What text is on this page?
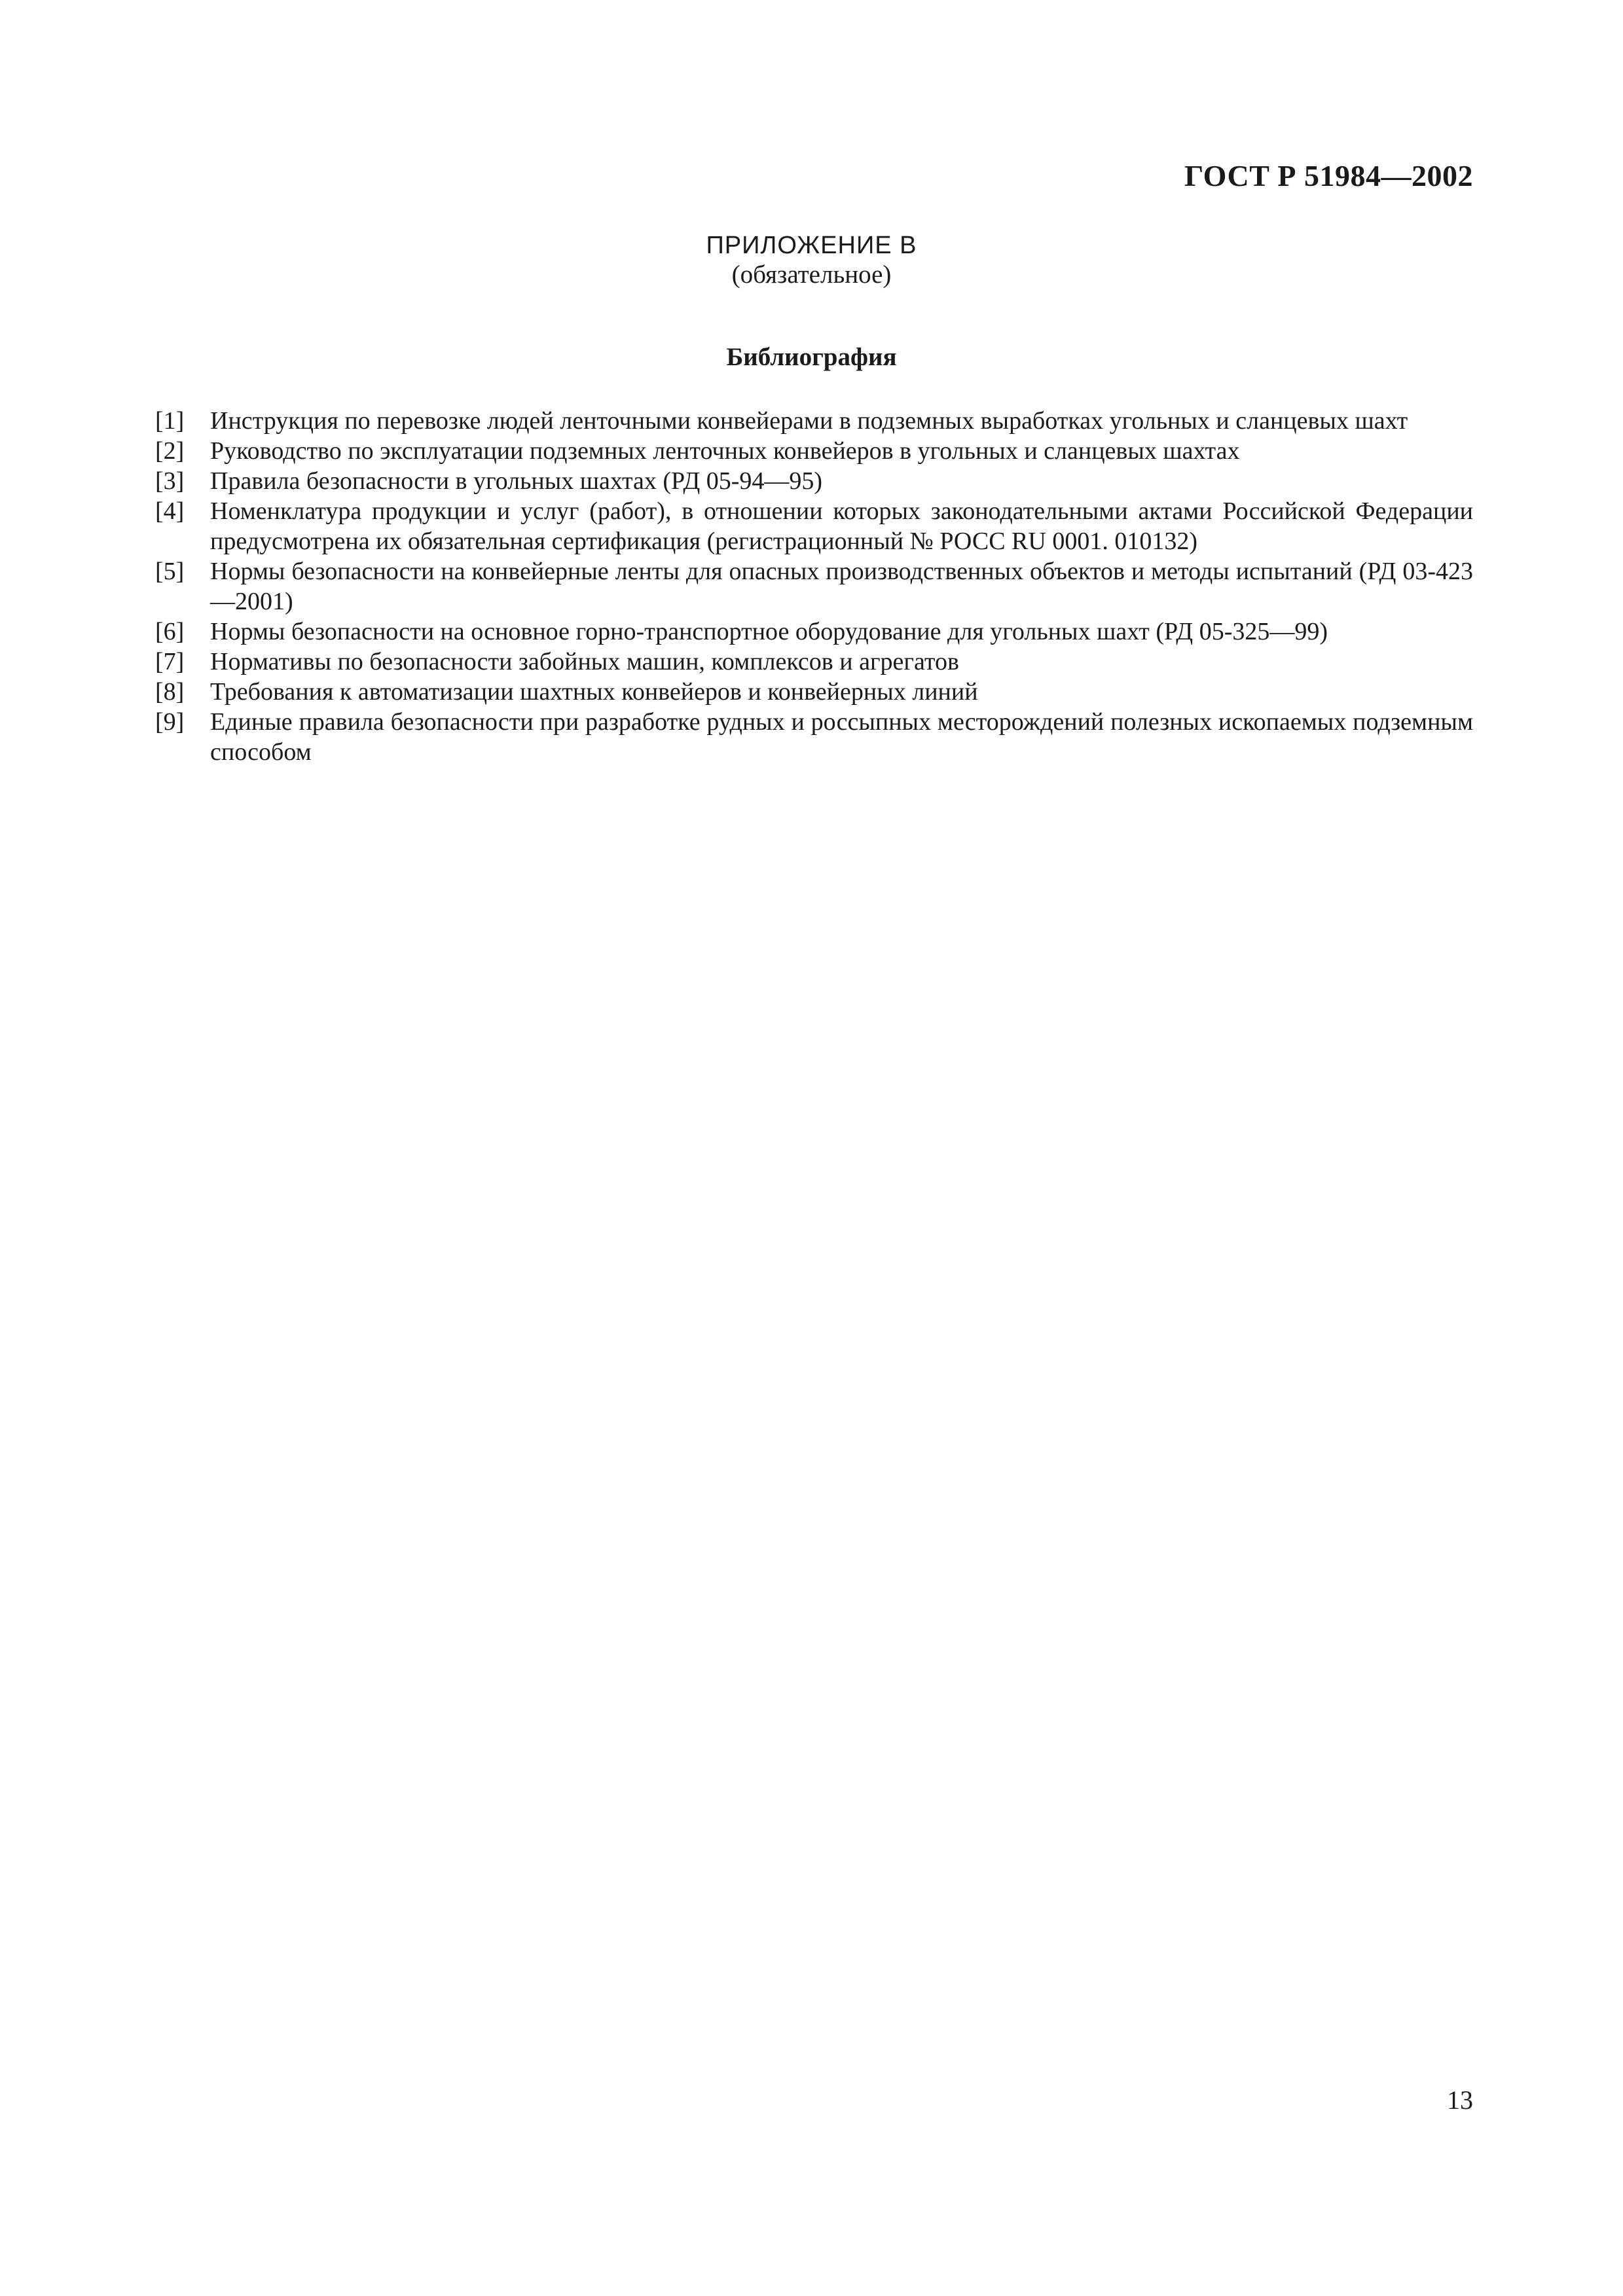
ГОСТ Р 51984—2002
ПРИЛОЖЕНИЕ В
(обязательное)
Библиография
[1] Инструкция по перевозке людей ленточными конвейерами в подземных выработках угольных и сланцевых шахт
[2] Руководство по эксплуатации подземных ленточных конвейеров в угольных и сланцевых шахтах
[3] Правила безопасности в угольных шахтах (РД 05-94—95)
[4] Номенклатура продукции и услуг (работ), в отношении которых законодательными актами Российской Федерации предусмотрена их обязательная сертификация (регистрационный № РОСС RU 0001. 010132)
[5] Нормы безопасности на конвейерные ленты для опасных производственных объектов и методы испытаний (РД 03-423—2001)
[6] Нормы безопасности на основное горно-транспортное оборудование для угольных шахт (РД 05-325—99)
[7] Нормативы по безопасности забойных машин, комплексов и агрегатов
[8] Требования к автоматизации шахтных конвейеров и конвейерных линий
[9] Единые правила безопасности при разработке рудных и россыпных месторождений полезных ископаемых подземным способом
13
